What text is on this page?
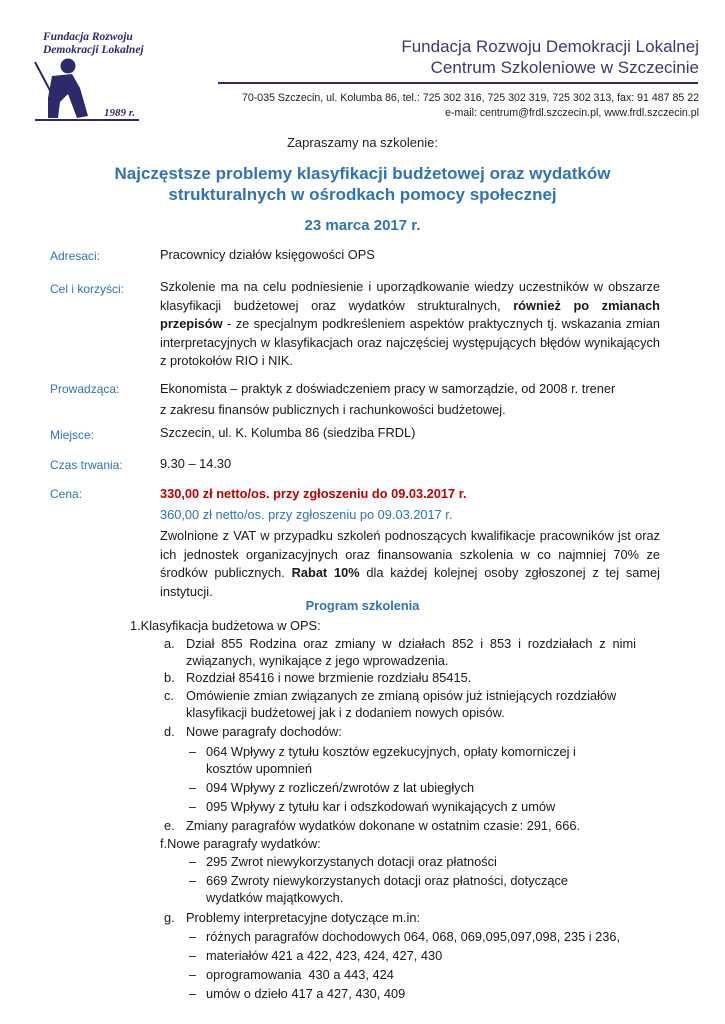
Fundacja Rozwoju
Demokracji Lokalnej
1989 r.
Fundacja Rozwoju Demokracji Lokalnej
Centrum Szkoleniowe w Szczecinie
70-035 Szczecin, ul. Kolumba 86, tel.: 725 302 316, 725 302 319, 725 302 313, fax: 91 487 85 22
e-mail: centrum@frdl.szczecin.pl, www.frdl.szczecin.pl
Zapraszamy na szkolenie:
Najczęstsze problemy klasyfikacji budżetowej oraz wydatków
strukturalnych w ośrodkach pomocy społecznej
23 marca 2017 r.
Adresaci:	Pracownicy działów księgowości OPS
Cel i korzyści:	Szkolenie ma na celu podniesienie i uporządkowanie wiedzy uczestników w obszarze klasyfikacji budżetowej oraz wydatków strukturalnych, również po zmianach przepisów - ze specjalnym podkreśleniem aspektów praktycznych tj. wskazania zmian interpretacyjnych w klasyfikacjach oraz najczęściej występujących błędów wynikających z protokołów RIO i NIK.
Prowadząca:	Ekonomista – praktyk z doświadczeniem pracy w samorządzie, od 2008 r. trener
z zakresu finansów publicznych i rachunkowości budżetowej.
Miejsce:	Szczecin, ul. K. Kolumba 86 (siedziba FRDL)
Czas trwania:	9.30 – 14.30
Cena:	330,00 zł netto/os. przy zgłoszeniu do 09.03.2017 r.
360,00 zł netto/os. przy zgłoszeniu po 09.03.2017 r.
Zwolnione z VAT w przypadku szkoleń podnoszących kwalifikacje pracowników jst oraz ich jednostek organizacyjnych oraz finansowania szkolenia w co najmniej 70% ze środków publicznych. Rabat 10% dla każdej kolejnej osoby zgłoszonej z tej samej instytucji.
Program szkolenia
1.Klasyfikacja budżetowa w OPS:
a. Dział 855 Rodzina oraz zmiany w działach 852 i 853 i rozdziałach z nimi
związanych, wynikające z jego wprowadzenia.
b. Rozdział 85416 i nowe brzmienie rozdziału 85415.
c. Omówienie zmian związanych ze zmianą opisów już istniejących rozdziałów
klasyfikacji budżetowej jak i z dodaniem nowych opisów.
d. Nowe paragrafy dochodów:
– 064 Wpływy z tytułu kosztów egzekucyjnych, opłaty komorniczej i
kosztów upomnień
– 094 Wpływy z rozliczeń/zwrotów z lat ubiegłych
– 095 Wpływy z tytułu kar i odszkodowań wynikających z umów
e. Zmiany paragrafów wydatków dokonane w ostatnim czasie: 291, 666.
f.Nowe paragrafy wydatków:
– 295 Zwrot niewykorzystanych dotacji oraz płatności
– 669 Zwroty niewykorzystanych dotacji oraz płatności, dotyczące
wydatków majątkowych.
g. Problemy interpretacyjne dotyczące m.in:
– różnych paragrafów dochodowych 064, 068, 069,095,097,098, 235 i 236,
– materiałów 421 a 422, 423, 424, 427, 430
– oprogramowania  430 a 443, 424
– umów o dzieło 417 a 427, 430, 409
